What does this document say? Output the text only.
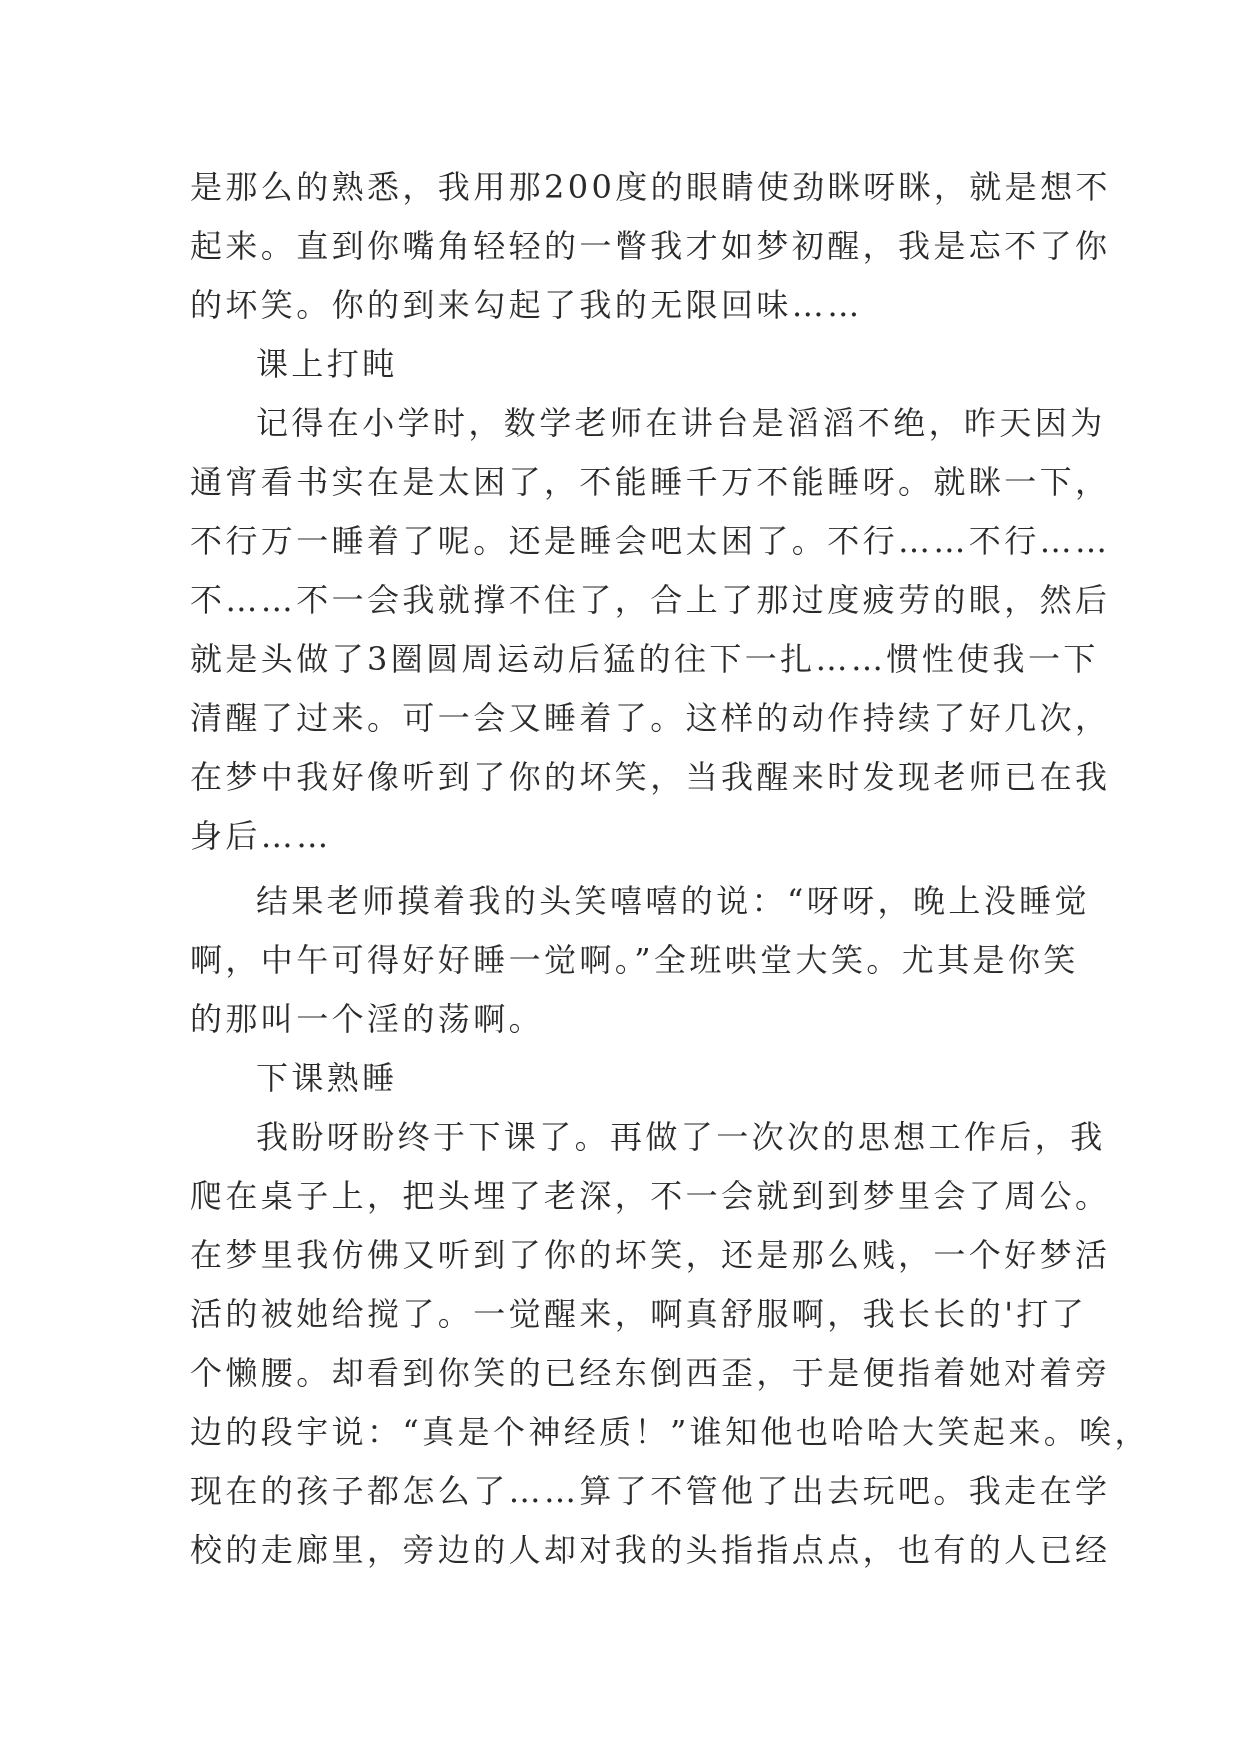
是那么的熟悉，我用那200度的眼睛使劲眯呀眯，就是想不
起来。直到你嘴角轻轻的一瞥我才如梦初醒，我是忘不了你
的坏笑。你的到来勾起了我的无限回味……
课上打盹
记得在小学时，数学老师在讲台是滔滔不绝，昨天因为
通宵看书实在是太困了，不能睡千万不能睡呀。就眯一下，
不行万一睡着了呢。还是睡会吧太困了。不行……不行……
不……不一会我就撑不住了，合上了那过度疲劳的眼，然后
就是头做了3圈圆周运动后猛的往下一扎……惯性使我一下
清醒了过来。可一会又睡着了。这样的动作持续了好几次，
在梦中我好像听到了你的坏笑，当我醒来时发现老师已在我
身后……
结果老师摸着我的头笑嘻嘻的说：“呀呀，晚上没睡觉
啊，中午可得好好睡一觉啊。”全班哄堂大笑。尤其是你笑
的那叫一个淫的荡啊。
下课熟睡
我盼呀盼终于下课了。再做了一次次的思想工作后，我
爬在桌子上，把头埋了老深，不一会就到到梦里会了周公。
在梦里我仿佛又听到了你的坏笑，还是那么贱，一个好梦活
活的被她给搅了。一觉醒来，啊真舒服啊，我长长的'打了
个懒腰。却看到你笑的已经东倒西歪，于是便指着她对着旁
边的段宇说：“真是个神经质！”谁知他也哈哈大笑起来。唉，
现在的孩子都怎么了……算了不管他了出去玩吧。我走在学
校的走廊里，旁边的人却对我的头指指点点，也有的人已经
